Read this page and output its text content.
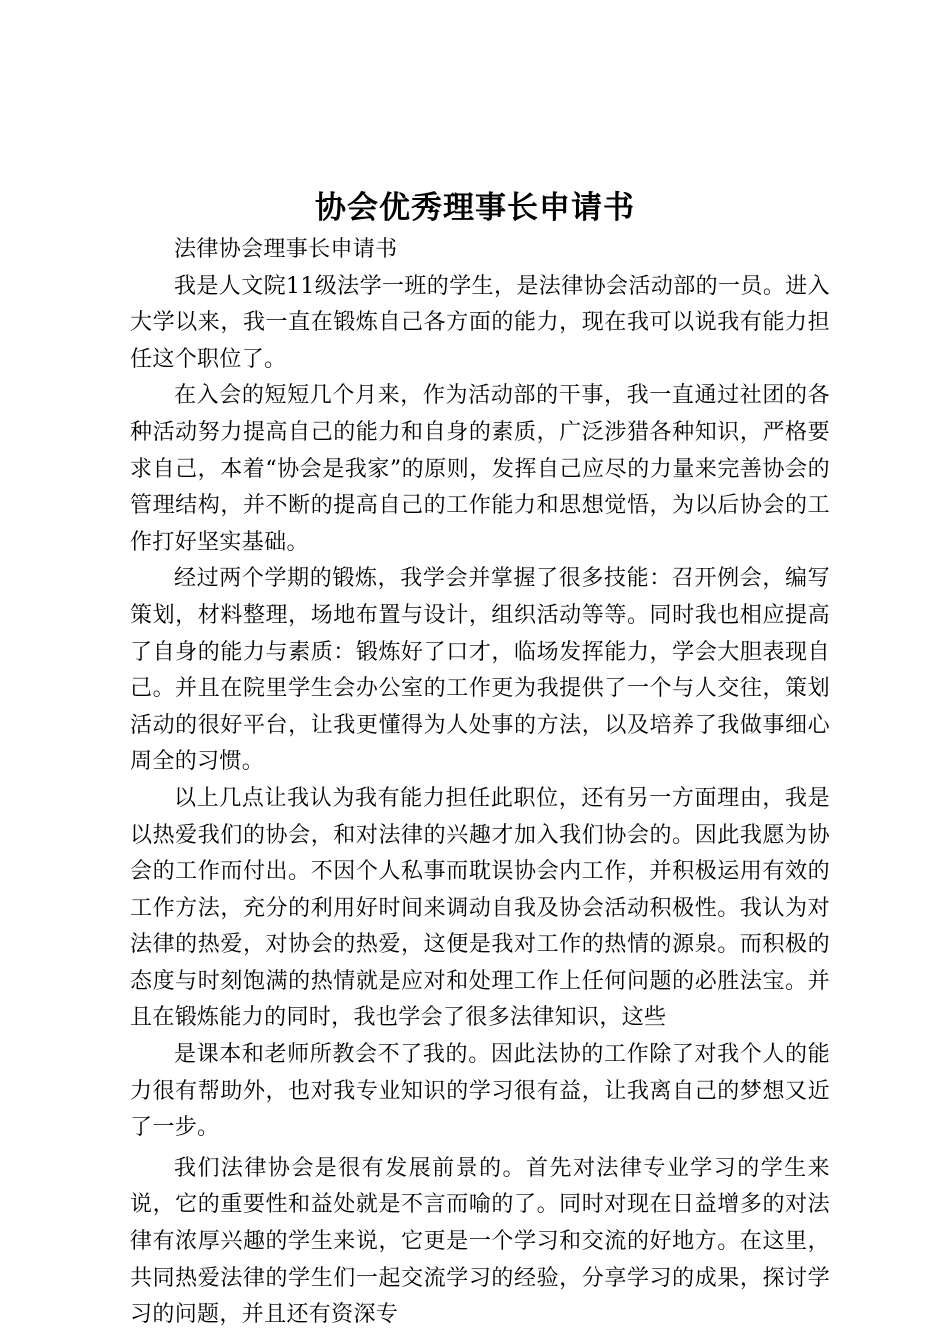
协会优秀理事长申请书

法律协会理事长申请书

我是人文院11级法学一班的学生，是法律协会活动部的一员。进入大学以来，我一直在锻炼自己各方面的能力，现在我可以说我有能力担任这个职位了。

在入会的短短几个月来，作为活动部的干事，我一直通过社团的各种活动努力提高自己的能力和自身的素质，广泛涉猎各种知识，严格要求自己，本着“协会是我家”的原则，发挥自己应尽的力量来完善协会的管理结构，并不断的提高自己的工作能力和思想觉悟，为以后协会的工作打好坚实基础。

经过两个学期的锻炼，我学会并掌握了很多技能：召开例会，编写策划，材料整理，场地布置与设计，组织活动等等。同时我也相应提高了自身的能力与素质：锻炼好了口才，临场发挥能力，学会大胆表现自己。并且在院里学生会办公室的工作更为我提供了一个与人交往，策划活动的很好平台，让我更懂得为人处事的方法，以及培养了我做事细心周全的习惯。

以上几点让我认为我有能力担任此职位，还有另一方面理由，我是以热爱我们的协会，和对法律的兴趣才加入我们协会的。因此我愿为协会的工作而付出。不因个人私事而耽误协会内工作，并积极运用有效的工作方法，充分的利用好时间来调动自我及协会活动积极性。我认为对法律的热爱，对协会的热爱，这便是我对工作的热情的源泉。而积极的态度与时刻饱满的热情就是应对和处理工作上任何问题的必胜法宝。并且在锻炼能力的同时，我也学会了很多法律知识，这些

是课本和老师所教会不了我的。因此法协的工作除了对我个人的能力很有帮助外，也对我专业知识的学习很有益，让我离自己的梦想又近了一步。

我们法律协会是很有发展前景的。首先对法律专业学习的学生来说，它的重要性和益处就是不言而喻的了。同时对现在日益增多的对法律有浓厚兴趣的学生来说，它更是一个学习和交流的好地方。在这里，共同热爱法律的学生们一起交流学习的经验，分享学习的成果，探讨学习的问题，并且还有资深专
